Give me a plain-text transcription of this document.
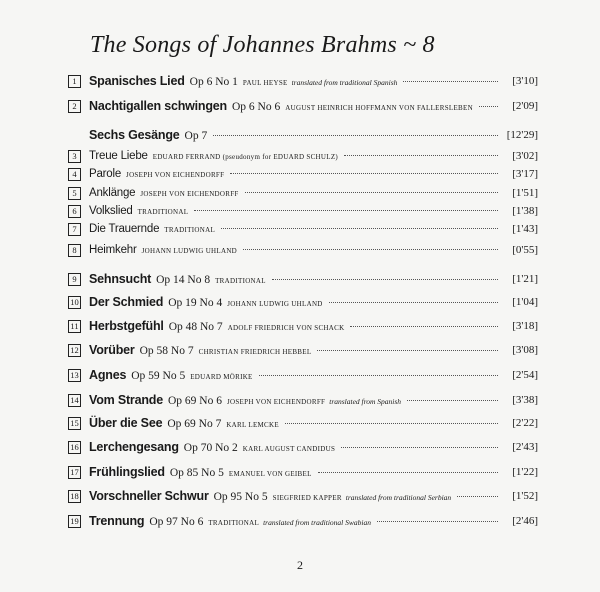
The Songs of Johannes Brahms ~ 8
1 Spanisches Lied Op 6 No 1 PAUL HEYSE translated from traditional Spanish	[3'10]
2 Nachtigallen schwingen Op 6 No 6 AUGUST HEINRICH HOFFMANN VON FALLERSLEBEN	[2'09]
Sechs Gesänge Op 7	[12'29]
3	Treue Liebe EDUARD FERRAND (pseudonym for EDUARD SCHULZ)	[3'02]
4	Parole JOSEPH VON EICHENDORFF	[3'17]
5	Anklänge JOSEPH VON EICHENDORFF	[1'51]
6	Volkslied TRADITIONAL	[1'38]
7	Die Trauernde TRADITIONAL	[1'43]
8	Heimkehr JOHANN LUDWIG UHLAND	[0'55]
9 Sehnsucht Op 14 No 8 TRADITIONAL	[1'21]
10 Der Schmied Op 19 No 4 JOHANN LUDWIG UHLAND	[1'04]
11 Herbstgefühl Op 48 No 7 ADOLF FRIEDRICH VON SCHACK	[3'18]
12 Vorüber Op 58 No 7 CHRISTIAN FRIEDRICH HEBBEL	[3'08]
13 Agnes Op 59 No 5 EDUARD MÖRIKE	[2'54]
14 Vom Strande Op 69 No 6 JOSEPH VON EICHENDORFF translated from Spanish	[3'38]
15 Über die See Op 69 No 7 KARL LEMCKE	[2'22]
16 Lerchengesang Op 70 No 2 KARL AUGUST CANDIDUS	[2'43]
17 Frühlingslied Op 85 No 5 EMANUEL VON GEIBEL	[1'22]
18 Vorschneller Schwur Op 95 No 5 SIEGFRIED KAPPER translated from traditional Serbian	[1'52]
19 Trennung Op 97 No 6 TRADITIONAL translated from traditional Swabian	[2'46]
2
